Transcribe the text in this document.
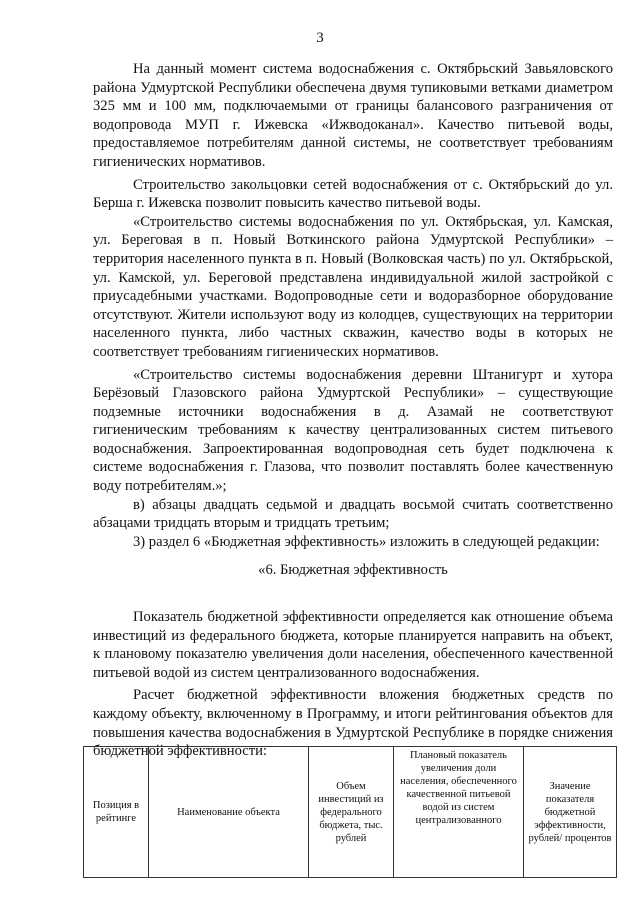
3

На данный момент система водоснабжения с. Октябрьский Завьяловского района Удмуртской Республики обеспечена двумя тупиковыми ветками диаметром 325 мм и 100 мм, подключаемыми от границы балансового разграничения от водопровода МУП г. Ижевска «Ижводоканал». Качество питьевой воды, предоставляемое потребителям данной системы, не соответствует требованиям гигиенических нормативов.

Строительство закольцовки сетей водоснабжения от с. Октябрьский до ул. Берша г. Ижевска позволит повысить качество питьевой воды.

«Строительство системы водоснабжения по ул. Октябрьская, ул. Камская, ул. Береговая в п. Новый Воткинского района Удмуртской Республики» – территория населенного пункта в п. Новый (Волковская часть) по ул. Октябрьской, ул. Камской, ул. Береговой представлена индивидуальной жилой застройкой с приусадебными участками. Водопроводные сети и водоразборное оборудование отсутствуют. Жители используют воду из колодцев, существующих на территории населенного пункта, либо частных скважин, качество воды в которых не соответствует требованиям гигиенических нормативов.

«Строительство системы водоснабжения деревни Штанигурт и хутора Берёзовый Глазовского района Удмуртской Республики» – существующие подземные источники водоснабжения в д. Азамай не соответствуют гигиеническим требованиям к качеству централизованных систем питьевого водоснабжения. Запроектированная водопроводная сеть будет подключена к системе водоснабжения г. Глазова, что позволит поставлять более качественную воду потребителям.»;

в) абзацы двадцать седьмой и двадцать восьмой считать соответственно абзацами тридцать вторым и тридцать третьим;

3) раздел 6 «Бюджетная эффективность» изложить в следующей редакции:

«6. Бюджетная эффективность

Показатель бюджетной эффективности определяется как отношение объема инвестиций из федерального бюджета, которые планируется направить на объект, к плановому показателю увеличения доли населения, обеспеченного качественной питьевой водой из систем централизованного водоснабжения.

Расчет бюджетной эффективности вложения бюджетных средств по каждому объекту, включенному в Программу, и итоги рейтингования объектов для повышения качества водоснабжения в Удмуртской Республике в порядке снижения бюджетной эффективности:

Позиция в рейтинге	Наименование объекта	Объем инвестиций из федерального бюджета, тыс. рублей	Плановый показатель увеличения доли населения, обеспеченного качественной питьевой водой из систем централизованного	Значение показателя бюджетной эффективности, рублей/ процентов
